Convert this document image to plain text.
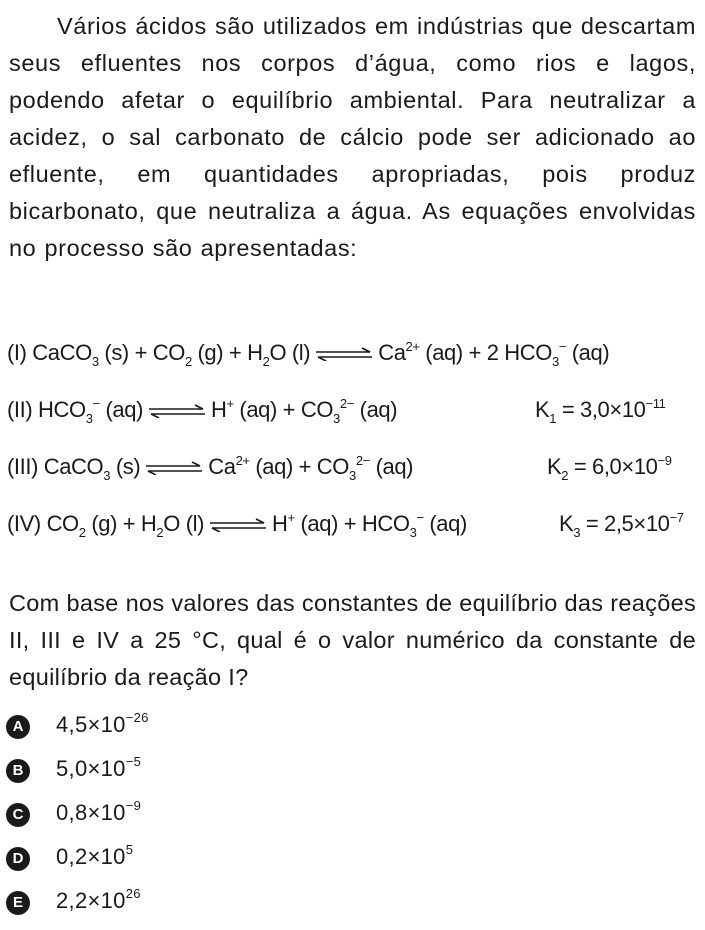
Vários ácidos são utilizados em indústrias que descartam seus efluentes nos corpos d’água, como rios e lagos, podendo afetar o equilíbrio ambiental. Para neutralizar a acidez, o sal carbonato de cálcio pode ser adicionado ao efluente, em quantidades apropriadas, pois produz bicarbonato, que neutraliza a água. As equações envolvidas no processo são apresentadas:

(I) CaCO$_3$ $(s) + CO_2$ $(g) + H_2O$ (l) ⇌ $Ca^{2+}$ (aq) + 2 $HCO_3^-$ (aq)
(II) $HCO_3^-$ (aq) ⇌ H+ $(aq) + CO_3^{2-}$ (aq)	$K_1 = 3,0\times 10^{-11}$
(III) CaCO$_3$ (s) ⇌ $Ca^{2+}$ $(aq) + CO_3^{2-}$ (aq)	$K_2 = 6,0\times 10^{-9}$
(IV) $CO_2$ $(g) + H_2O$ (l) ⇌ H+ $(aq) + HCO_3^-$ (aq)	$K_3 = 2,5\times 10^{-7}$

Com base nos valores das constantes de equilíbrio das reações II, III e IV a 25 °C, qual é o valor numérico da constante de equilíbrio da reação I?

A $4,5\times 10^{-26}$
B $5,0\times 10^{-5}$
C $0,8\times 10^{-9}$
D $0,2\times 10^5$
E	$2,2\times 10^{26}$
